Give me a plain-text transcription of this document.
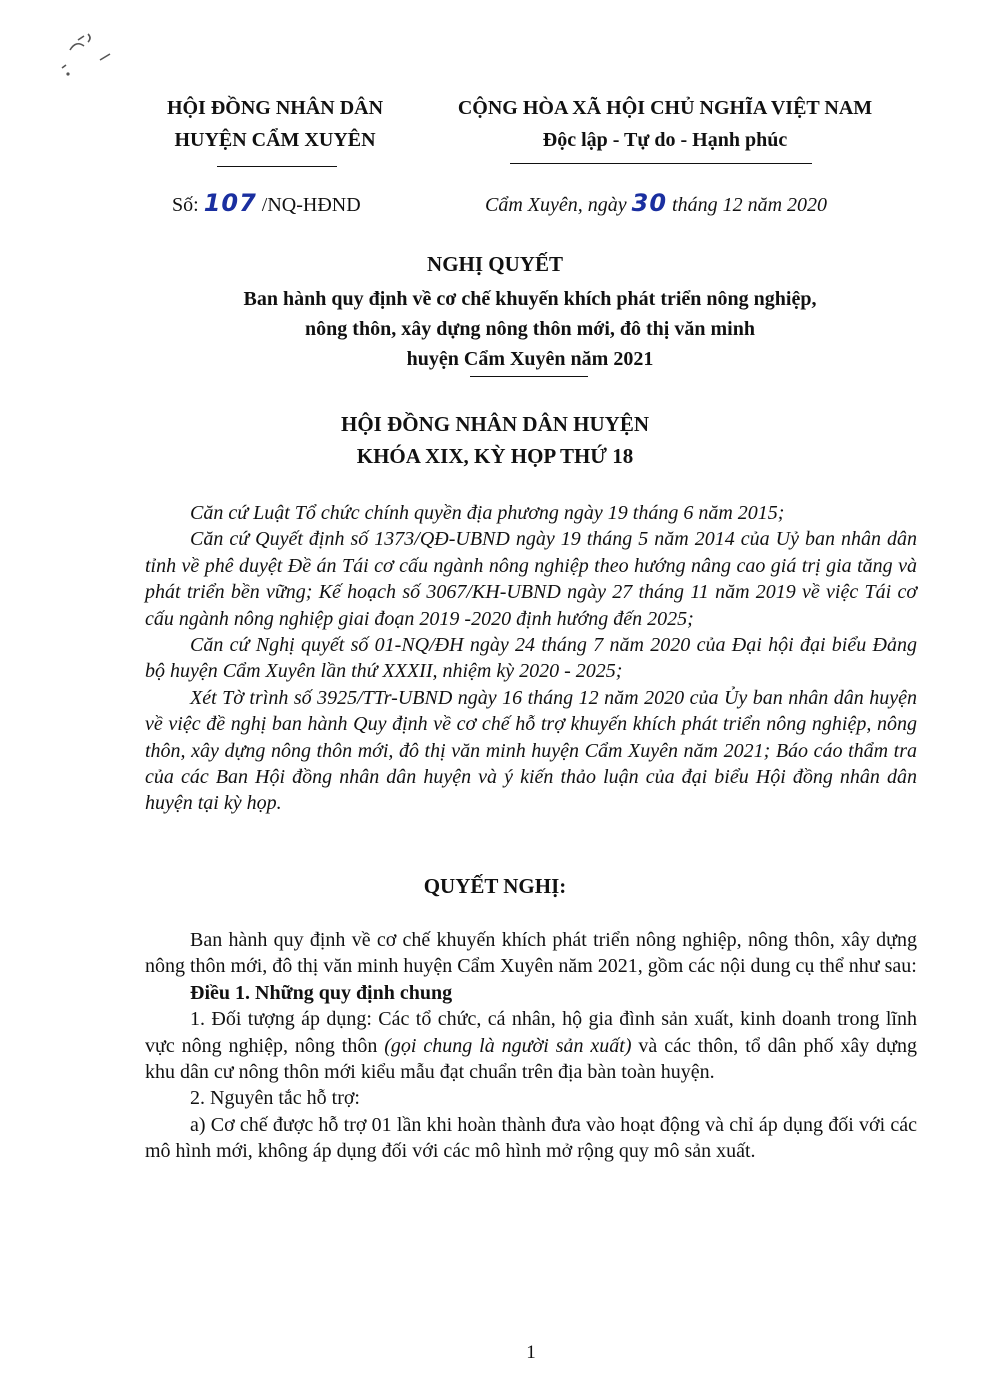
HỘI ĐỒNG NHÂN DÂN
HUYỆN CẨM XUYÊN
CỘNG HÒA XÃ HỘI CHỦ NGHĨA VIỆT NAM
Độc lập - Tự do - Hạnh phúc
Số: 107 /NQ-HĐND	Cẩm Xuyên, ngày 30 tháng 12 năm 2020
NGHỊ QUYẾT
Ban hành quy định về cơ chế khuyến khích phát triển nông nghiệp,
nông thôn, xây dựng nông thôn mới, đô thị văn minh
huyện Cẩm Xuyên năm 2021
HỘI ĐỒNG NHÂN DÂN HUYỆN
KHÓA XIX, KỲ HỌP THỨ 18

Căn cứ Luật Tổ chức chính quyền địa phương ngày 19 tháng 6 năm 2015;

Căn cứ Quyết định số 1373/QĐ-UBND ngày 19 tháng 5 năm 2014 của Uỷ ban nhân dân tỉnh về phê duyệt Đề án Tái cơ cấu ngành nông nghiệp theo hướng nâng cao giá trị gia tăng và phát triển bền vững; Kế hoạch số 3067/KH-UBND ngày 27 tháng 11 năm 2019 về việc Tái cơ cấu ngành nông nghiệp giai đoạn 2019 -2020 định hướng đến 2025;

Căn cứ Nghị quyết số 01-NQ/ĐH ngày 24 tháng 7 năm 2020 của Đại hội đại biểu Đảng bộ huyện Cẩm Xuyên lần thứ XXXII, nhiệm kỳ 2020 - 2025;

Xét Tờ trình số 3925/TTr-UBND ngày 16 tháng 12 năm 2020 của Ủy ban nhân dân huyện về việc đề nghị ban hành Quy định về cơ chế hỗ trợ khuyến khích phát triển nông nghiệp, nông thôn, xây dựng nông thôn mới, đô thị văn minh huyện Cẩm Xuyên năm 2021; Báo cáo thẩm tra của các Ban Hội đồng nhân dân huyện và ý kiến thảo luận của đại biểu Hội đồng nhân dân huyện tại kỳ họp.

QUYẾT NGHỊ:

Ban hành quy định về cơ chế khuyến khích phát triển nông nghiệp, nông thôn, xây dựng nông thôn mới, đô thị văn minh huyện Cẩm Xuyên năm 2021, gồm các nội dung cụ thể như sau:

Điều 1. Những quy định chung

1. Đối tượng áp dụng: Các tổ chức, cá nhân, hộ gia đình sản xuất, kinh doanh trong lĩnh vực nông nghiệp, nông thôn (gọi chung là người sản xuất) và các thôn, tổ dân phố xây dựng khu dân cư nông thôn mới kiểu mẫu đạt chuẩn trên địa bàn toàn huyện.

2. Nguyên tắc hỗ trợ:

a) Cơ chế được hỗ trợ 01 lần khi hoàn thành đưa vào hoạt động và chỉ áp dụng đối với các mô hình mới, không áp dụng đối với các mô hình mở rộng quy mô sản xuất.

1
